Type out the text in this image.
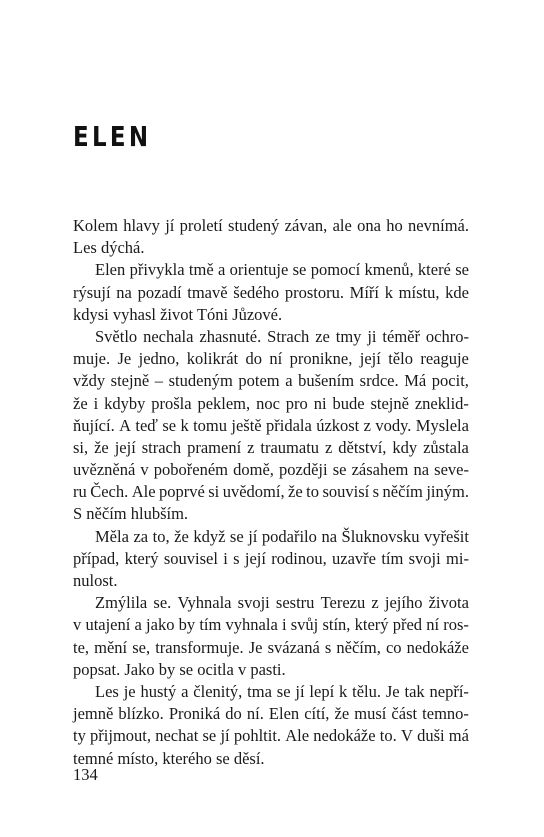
ELEN
Kolem hlavy jí proletí studený závan, ale ona ho nevnímá.
Les dýchá.
Elen přivykla tmě a orientuje se pomocí kmenů, které se
rýsují na pozadí tmavě šedého prostoru. Míří k místu, kde
kdysi vyhasl život Tóni Jůzové.
Světlo nechala zhasnuté. Strach ze tmy ji téměř ochro-
muje. Je jedno, kolikrát do ní pronikne, její tělo reaguje
vždy stejně – studeným potem a bušením srdce. Má pocit,
že i kdyby prošla peklem, noc pro ni bude stejně zneklid-
ňující. A teď se k tomu ještě přidala úzkost z vody. Myslela
si, že její strach pramení z traumatu z dětství, kdy zůstala
uvězněná v pobořeném domě, později se zásahem na seve-
ru Čech. Ale poprvé si uvědomí, že to souvisí s něčím jiným.
S něčím hlubším.
Měla za to, že když se jí podařilo na Šluknovsku vyřešit
případ, který souvisel i s její rodinou, uzavře tím svoji mi-
nulost.
Zmýlila se. Vyhnala svoji sestru Terezu z jejího života
v utajení a jako by tím vyhnala i svůj stín, který před ní ros-
te, mění se, transformuje. Je svázaná s něčím, co nedokáže
popsat. Jako by se ocitla v pasti.
Les je hustý a členitý, tma se jí lepí k tělu. Je tak nepří-
jemně blízko. Proniká do ní. Elen cítí, že musí část temno-
ty přijmout, nechat se jí pohltit. Ale nedokáže to. V duši má
temné místo, kterého se děsí.
134
